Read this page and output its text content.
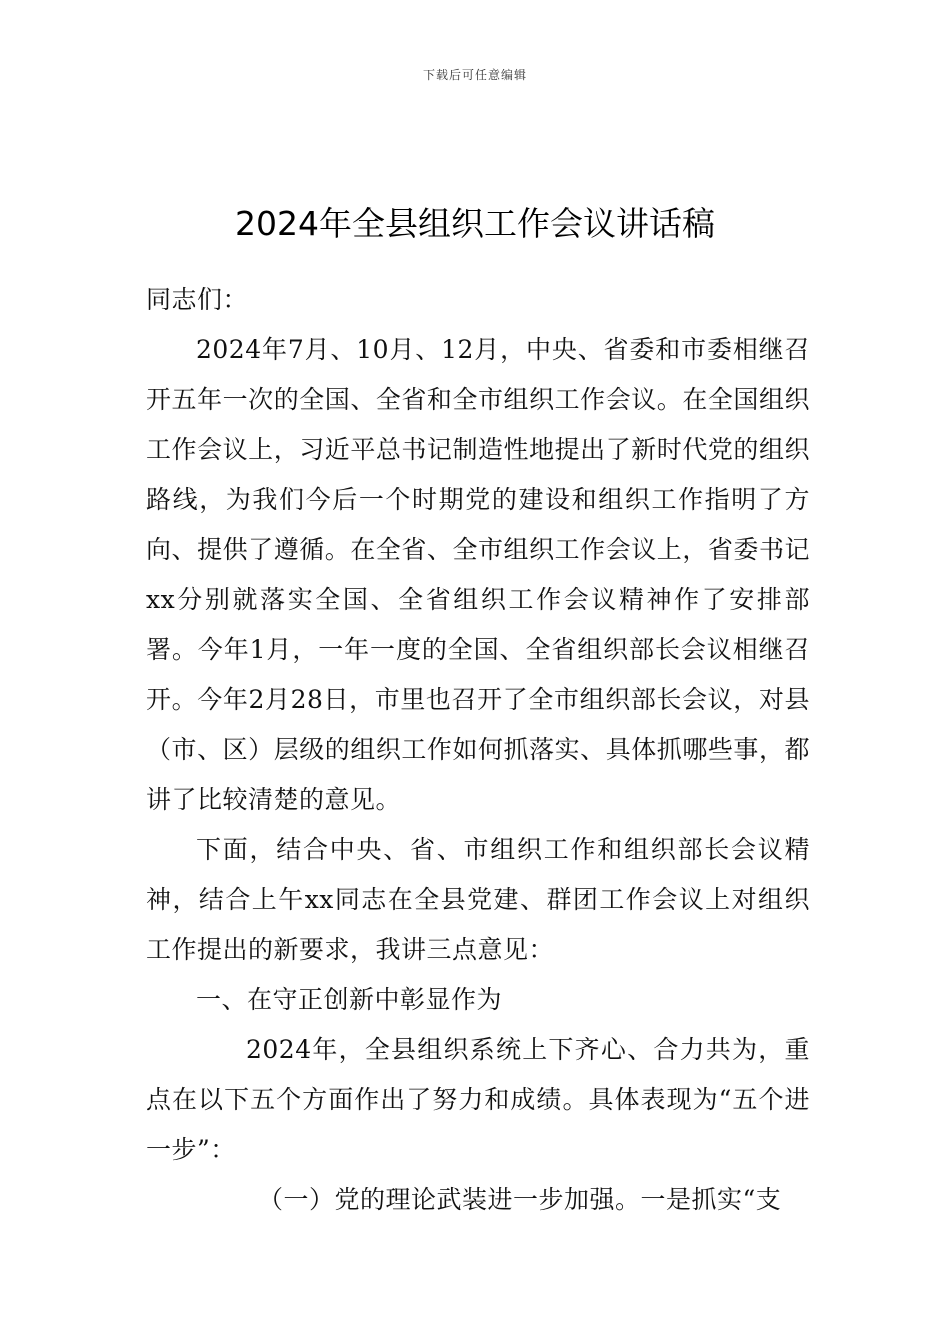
下载后可任意编辑
2024年全县组织工作会议讲话稿

同志们：

2024年7月、10月、12月，中央、省委和市委相继召开五年一次的全国、全省和全市组织工作会议。在全国组织工作会议上，习近平总书记制造性地提出了新时代党的组织路线，为我们今后一个时期党的建设和组织工作指明了方向、提供了遵循。在全省、全市组织工作会议上，省委书记xx分别就落实全国、全省组织工作会议精神作了安排部署。今年1月，一年一度的全国、全省组织部长会议相继召开。今年2月28日，市里也召开了全市组织部长会议，对县（市、区）层级的组织工作如何抓落实、具体抓哪些事，都讲了比较清楚的意见。

下面，结合中央、省、市组织工作和组织部长会议精神，结合上午xx同志在全县党建、群团工作会议上对组织工作提出的新要求，我讲三点意见：

一、在守正创新中彰显作为

2024年，全县组织系统上下齐心、合力共为，重点在以下五个方面作出了努力和成绩。具体表现为“五个进一步”：

（一）党的理论武装进一步加强。一是抓实“支
